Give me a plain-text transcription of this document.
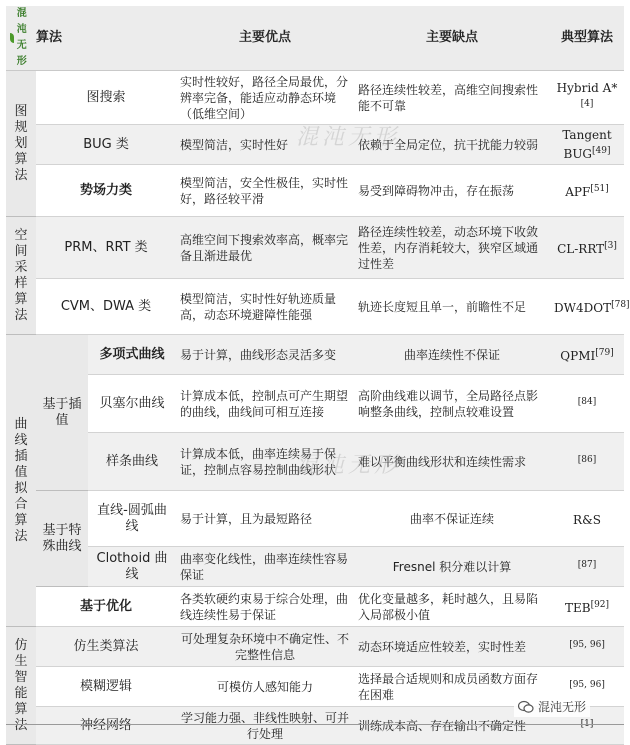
混沌无形	算法		主要优点	主要缺点	典型算法
图规划算法	图搜索		实时性较好，路径全局最优，分辨率完备，能适应动静态环境（低维空间）	路径连续性较差，高维空间搜索性能不可靠	Hybrid A*[4]
	BUG 类		模型简洁，实时性好	依赖于全局定位，抗干扰能力较弱	Tangent BUG[49]
	势场力类		模型简洁，安全性极佳，实时性好，路径较平滑	易受到障碍物冲击，存在振荡	APF[51]
空间采样算法	PRM、RRT 类		高维空间下搜索效率高，概率完备且渐进最优	路径连续性较差，动态环境下收敛性差，内存消耗较大，狭窄区域通过性差	CL-RRT[3]
	CVM、DWA 类		模型简洁，实时性好轨迹质量高，动态环境避障性能强	轨迹长度短且单一，前瞻性不足	DW4DOT[78]
曲线插值拟合算法	基于插值	多项式曲线	易于计算，曲线形态灵活多变	曲率连续性不保证	QPMI[79]
		贝塞尔曲线	计算成本低，控制点可产生期望的曲线，曲线间可相互连接	高阶曲线难以调节，全局路径点影响整条曲线，控制点较难设置	[84]
		样条曲线	计算成本低，曲率连续易于保证，控制点容易控制曲线形状	难以平衡曲线形状和连续性需求	[86]
	基于特殊曲线	直线-圆弧曲线	易于计算，且为最短路径	曲率不保证连续	R&S
		Clothoid 曲线	曲率变化线性，曲率连续性容易保证	Fresnel 积分难以计算	[87]
	基于优化		各类软硬约束易于综合处理，曲线连续性易于保证	优化变量越多，耗时越久，且易陷入局部极小值	TEB[92]
仿生智能算法	仿生类算法		可处理复杂环境中不确定性、不完整性信息	动态环境适应性较差，实时性差	[95, 96]
	模糊逻辑		可模仿人感知能力	选择最合适规则和成员函数方面存在困难	[95, 96]
	神经网络		学习能力强、非线性映射、可并行处理	训练成本高、存在输出不确定性	[1]
混沌无形
混沌无形
混沌无形
